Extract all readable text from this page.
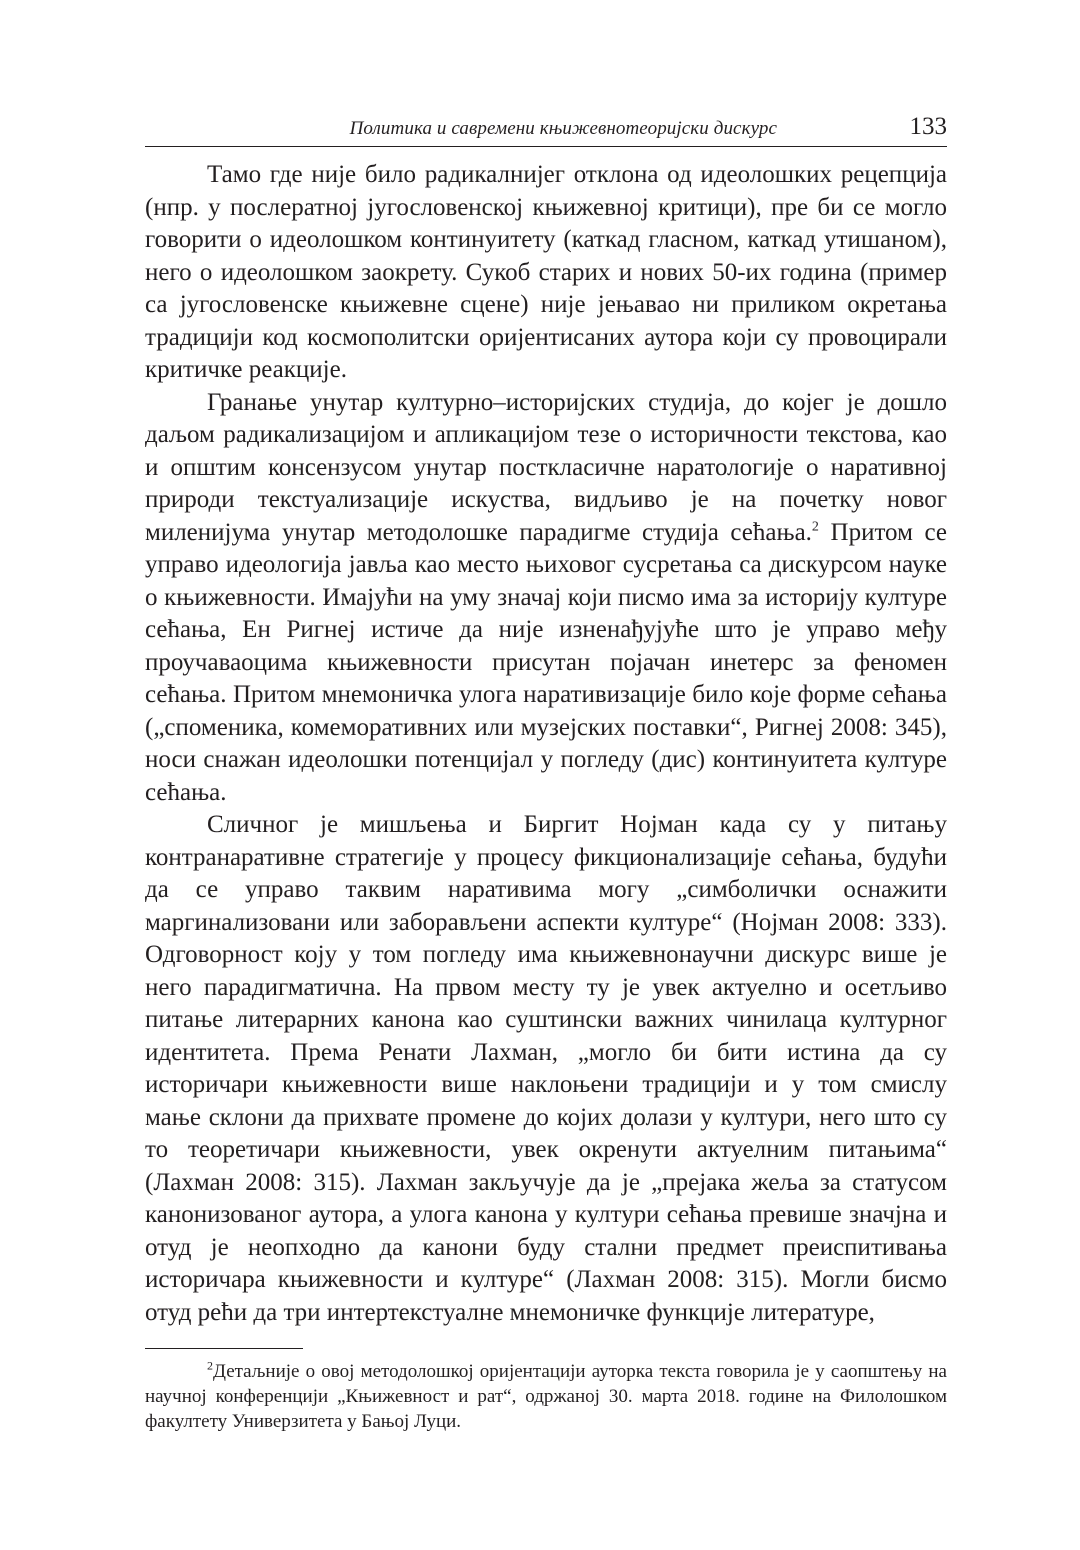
Политика и савремени књижевнотеоријски дискурс	133

Тамо где није било радикалнијег отклона од идеолошких рецепција (нпр. у послератној југословенској књижевној критици), пре би се могло говорити о идеолошком континуитету (каткад гласном, каткад утишаном), него о идеолошком заокрету. Сукоб старих и нових 50-их година (пример са југословенске књижевне сцене) није јењавао ни приликом окретања традицији код космополитски оријентисаних аутора који су провоцирали критичке реакције.

Гранање унутар културно–историјских студија, до којег је дошло даљом радикализацијом и апликацијом тезе о историчности текстова, као и општим консензусом унутар посткласичне наратологије о наративној природи текстуализације искуства, видљиво је на почетку новог миленијума унутар методолошке парадигме студија сећања.$^2$ Притом се управо идеологија јавља као место њиховог сусретања са дискурсом науке о књижевности. Имајући на уму значај који писмо има за историју културе сећања, Ен Ригнеј истиче да није изненађујуће што је управо међу проучаваоцима књижевности присутан појачан инетерс за феномен сећања. Притом мнемоничка улога наративизације било које форме сећања („споменика, комеморативних или музејских поставки“, Ригнеј 2008: 345), носи снажан идеолошки потенцијал у погледу (дис) континуитета културе сећања.

Сличног је мишљења и Биргит Нојман када су у питању контранаративне стратегије у процесу фикционализације сећања, будући да се управо таквим наративима могу „симболички оснажити маргинализовани или заборављени аспекти културе“ (Нојман 2008: 333). Одговорност коју у том погледу има књижевнонаучни дискурс више је него парадигматична. На првом месту ту је увек актуелно и осетљиво питање литерарних канона као суштински важних чинилаца културног идентитета. Према Ренати Лахман, „могло би бити истина да су историчари књижевности више наклоњени традицији и у том смислу мање склони да прихвате промене до којих долази у култури, него што су то теоретичари књижевности, увек окренути актуелним питањима“ (Лахман 2008: 315). Лахман закључује да је „прејака жеља за статусом канонизованог аутора, а улога канона у култури сећања превише значјна и отуд је неопходно да канони буду стални предмет преиспитивања историчара књижевности и културе“ (Лахман 2008: 315). Могли бисмо отуд рећи да три интертекстуалне мнемоничке функције литературе,

$^2$Детаљније о овој методолошкој оријентацији ауторка текста говорила је у саопштењу на научној конференцији „Књижевност и рат“, одржаној 30. марта 2018. године на Филолошком факултету Универзитета у Бањој Луци.
